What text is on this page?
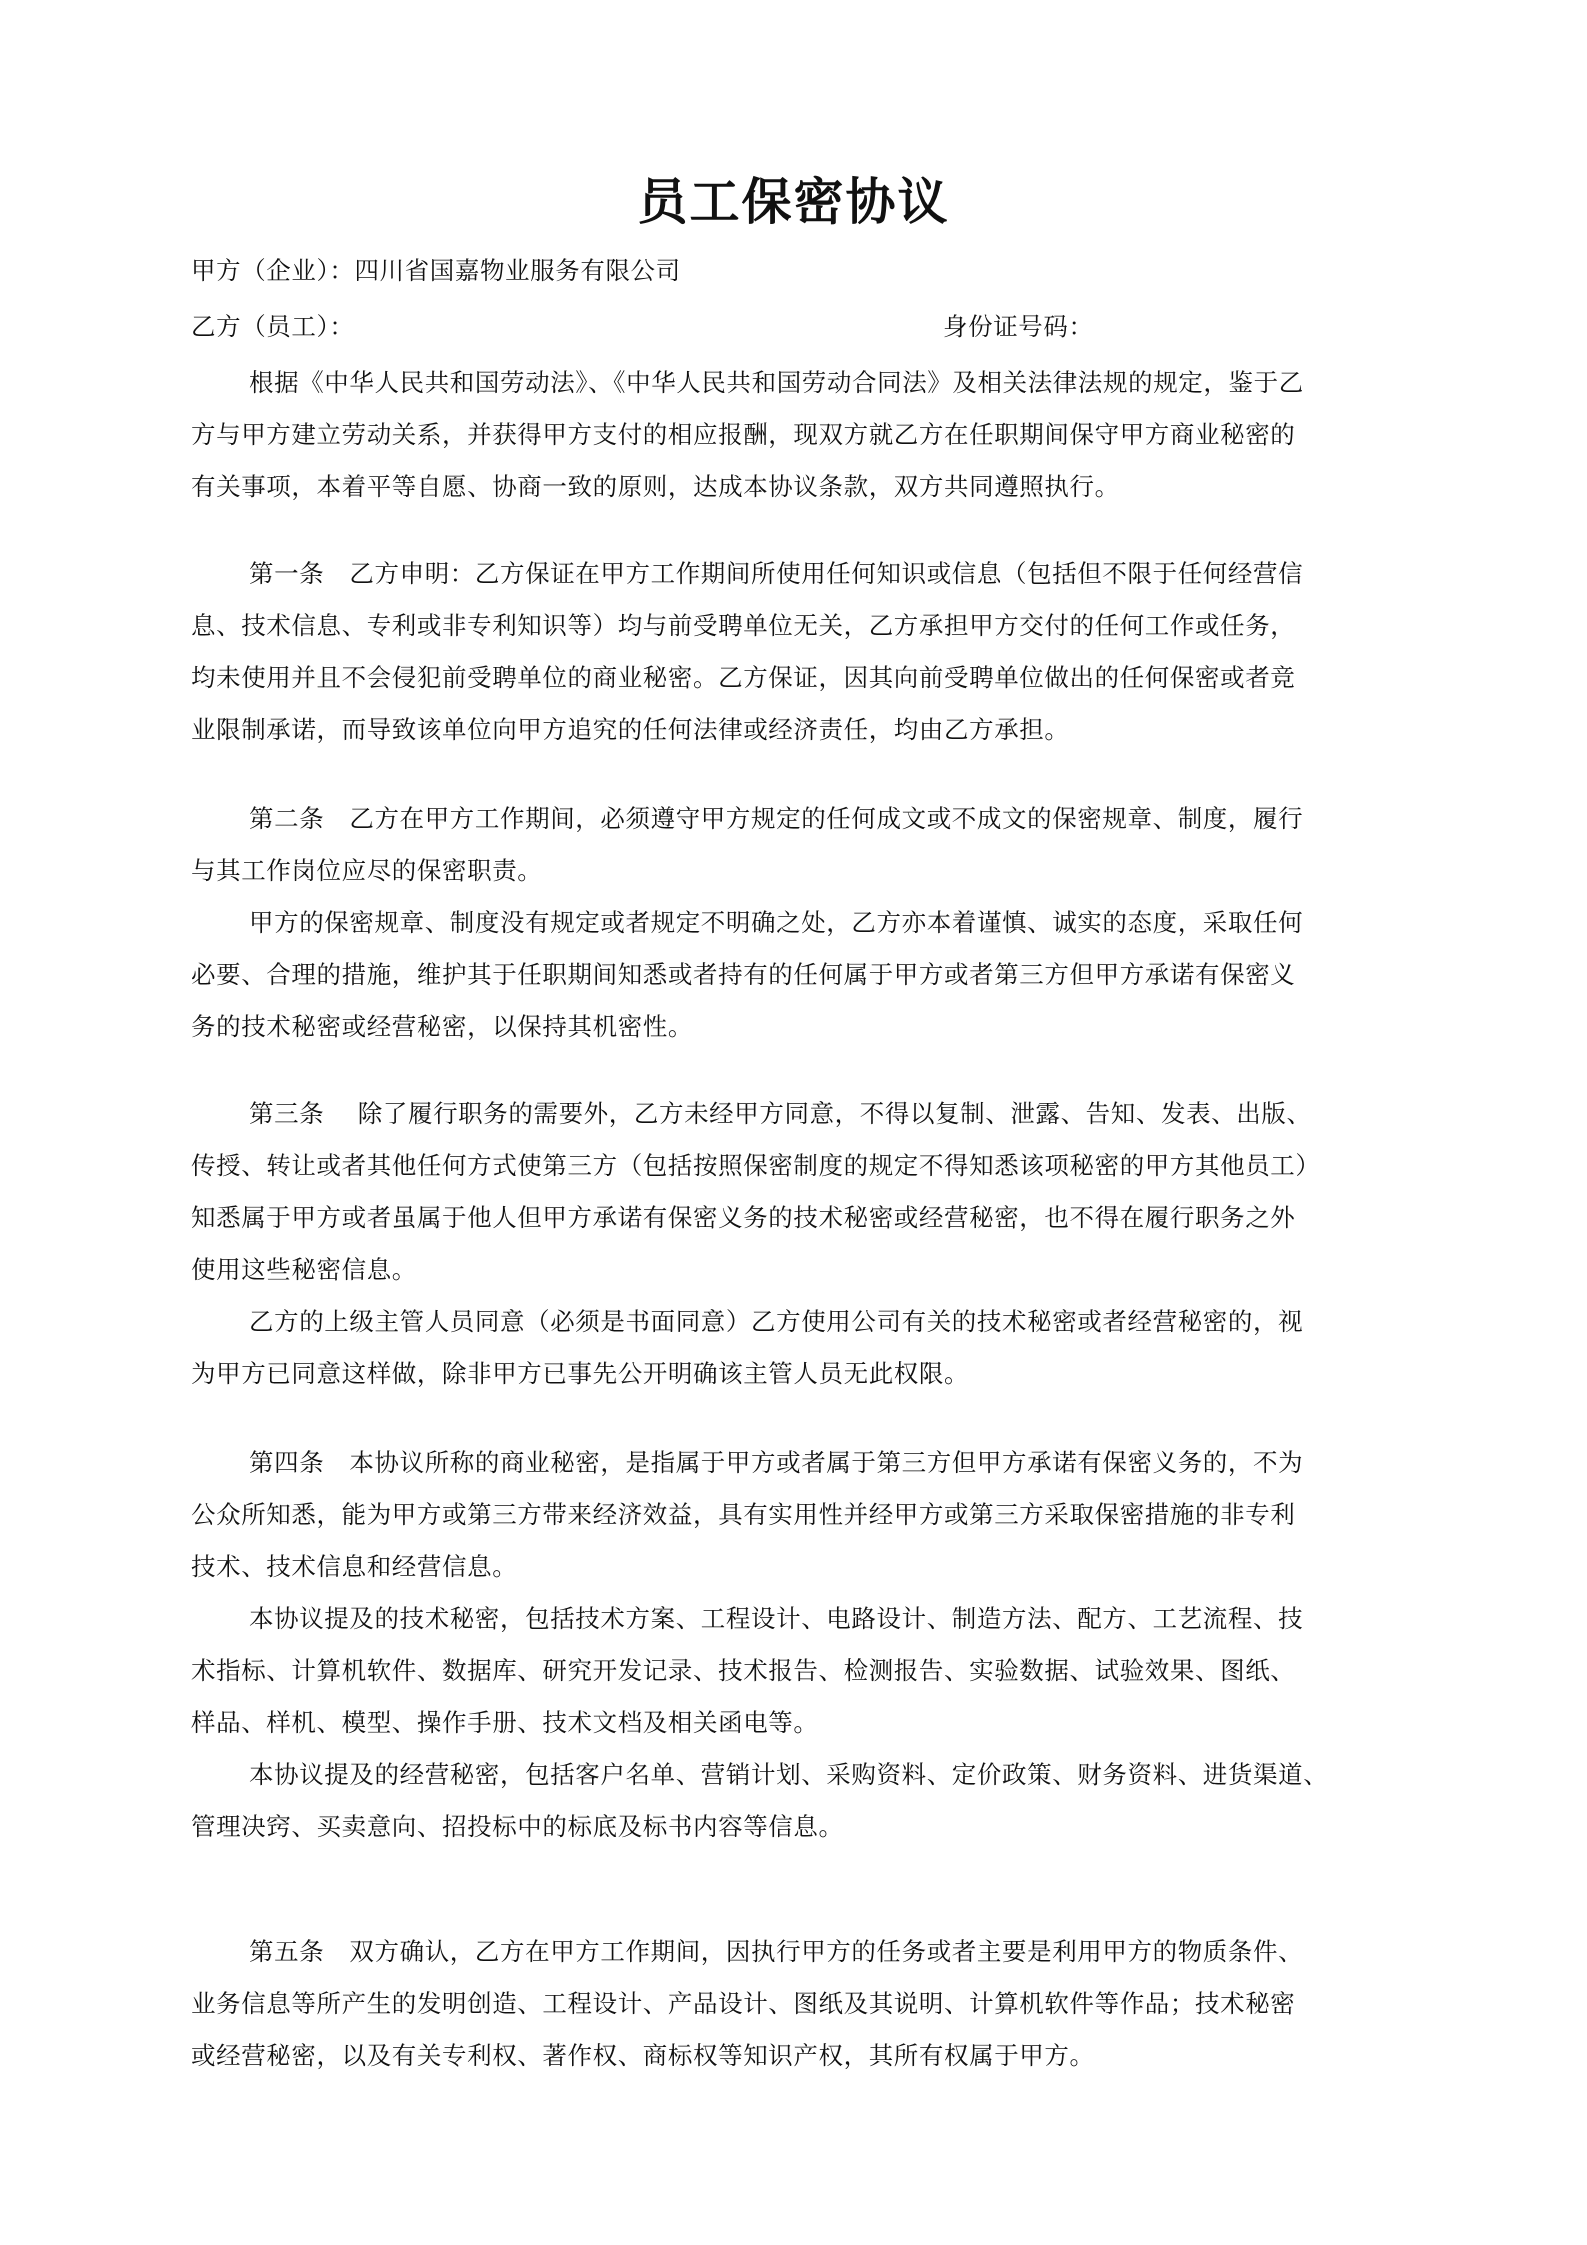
员工保密协议

甲方（企业）：四川省国嘉物业服务有限公司

乙方（员工）：	身份证号码：

根据《中华人民共和国劳动法》、《中华人民共和国劳动合同法》及相关法律法规的规定，鉴于乙

方与甲方建立劳动关系，并获得甲方支付的相应报酬，现双方就乙方在任职期间保守甲方商业秘密的

有关事项，本着平等自愿、协商一致的原则，达成本协议条款，双方共同遵照执行。

第一条　乙方申明：乙方保证在甲方工作期间所使用任何知识或信息（包括但不限于任何经营信

息、技术信息、专利或非专利知识等）均与前受聘单位无关，乙方承担甲方交付的任何工作或任务，

均未使用并且不会侵犯前受聘单位的商业秘密。乙方保证，因其向前受聘单位做出的任何保密或者竞

业限制承诺，而导致该单位向甲方追究的任何法律或经济责任，均由乙方承担。

第二条　乙方在甲方工作期间，必须遵守甲方规定的任何成文或不成文的保密规章、制度，履行

与其工作岗位应尽的保密职责。

甲方的保密规章、制度没有规定或者规定不明确之处，乙方亦本着谨慎、诚实的态度，采取任何

必要、合理的措施，维护其于任职期间知悉或者持有的任何属于甲方或者第三方但甲方承诺有保密义

务的技术秘密或经营秘密，以保持其机密性。

第三条　 除了履行职务的需要外，乙方未经甲方同意，不得以复制、泄露、告知、发表、出版、

传授、转让或者其他任何方式使第三方（包括按照保密制度的规定不得知悉该项秘密的甲方其他员工）

知悉属于甲方或者虽属于他人但甲方承诺有保密义务的技术秘密或经营秘密，也不得在履行职务之外

使用这些秘密信息。

乙方的上级主管人员同意（必须是书面同意）乙方使用公司有关的技术秘密或者经营秘密的，视

为甲方已同意这样做，除非甲方已事先公开明确该主管人员无此权限。

第四条　本协议所称的商业秘密，是指属于甲方或者属于第三方但甲方承诺有保密义务的，不为

公众所知悉，能为甲方或第三方带来经济效益，具有实用性并经甲方或第三方采取保密措施的非专利

技术、技术信息和经营信息。

本协议提及的技术秘密，包括技术方案、工程设计、电路设计、制造方法、配方、工艺流程、技

术指标、计算机软件、数据库、研究开发记录、技术报告、检测报告、实验数据、试验效果、图纸、

样品、样机、模型、操作手册、技术文档及相关函电等。

本协议提及的经营秘密，包括客户名单、营销计划、采购资料、定价政策、财务资料、进货渠道、

管理决窍、买卖意向、招投标中的标底及标书内容等信息。

第五条　双方确认，乙方在甲方工作期间，因执行甲方的任务或者主要是利用甲方的物质条件、

业务信息等所产生的发明创造、工程设计、产品设计、图纸及其说明、计算机软件等作品；技术秘密

或经营秘密，以及有关专利权、著作权、商标权等知识产权，其所有权属于甲方。
